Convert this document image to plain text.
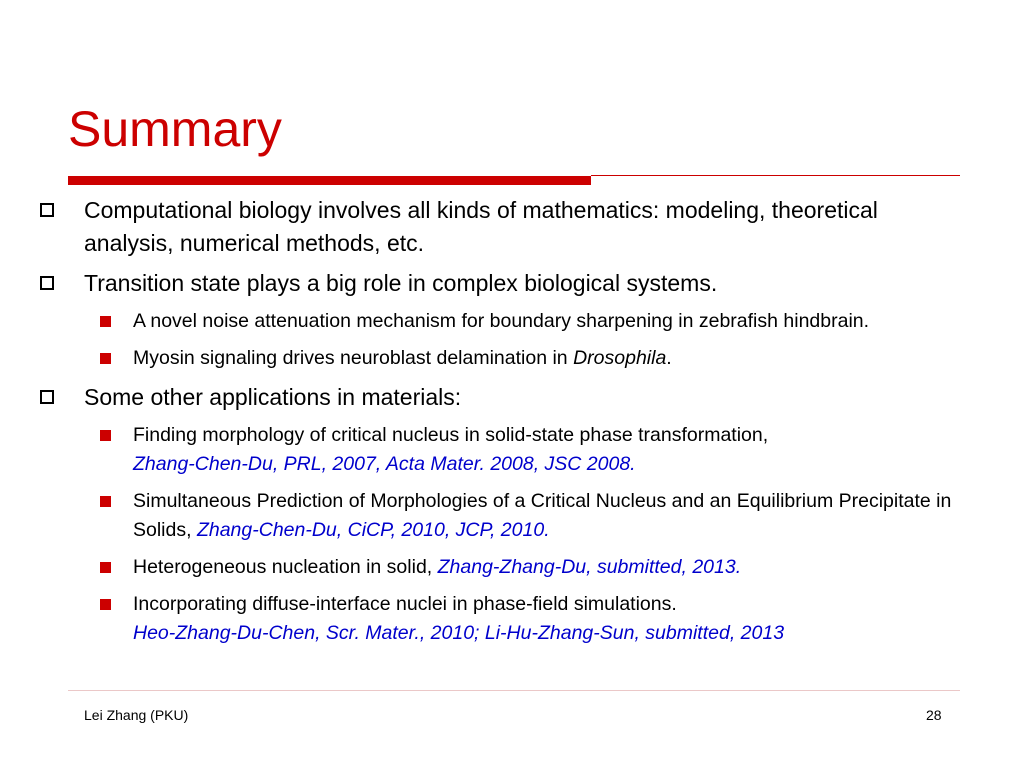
Summary
Computational biology involves all kinds of mathematics: modeling, theoretical analysis, numerical methods, etc.
Transition state plays a big role in complex biological systems.
A novel noise attenuation mechanism for boundary sharpening in zebrafish hindbrain.
Myosin signaling drives neuroblast delamination in Drosophila.
Some other applications in materials:
Finding morphology of critical nucleus in solid-state phase transformation,
Zhang-Chen-Du, PRL, 2007, Acta Mater. 2008, JSC 2008.
Simultaneous Prediction of Morphologies of a Critical Nucleus and an Equilibrium Precipitate in Solids, Zhang-Chen-Du, CiCP, 2010, JCP, 2010.
Heterogeneous nucleation in solid, Zhang-Zhang-Du, submitted, 2013.
Incorporating diffuse-interface nuclei in phase-field simulations.
Heo-Zhang-Du-Chen, Scr. Mater., 2010; Li-Hu-Zhang-Sun, submitted, 2013
Lei Zhang (PKU)	28
